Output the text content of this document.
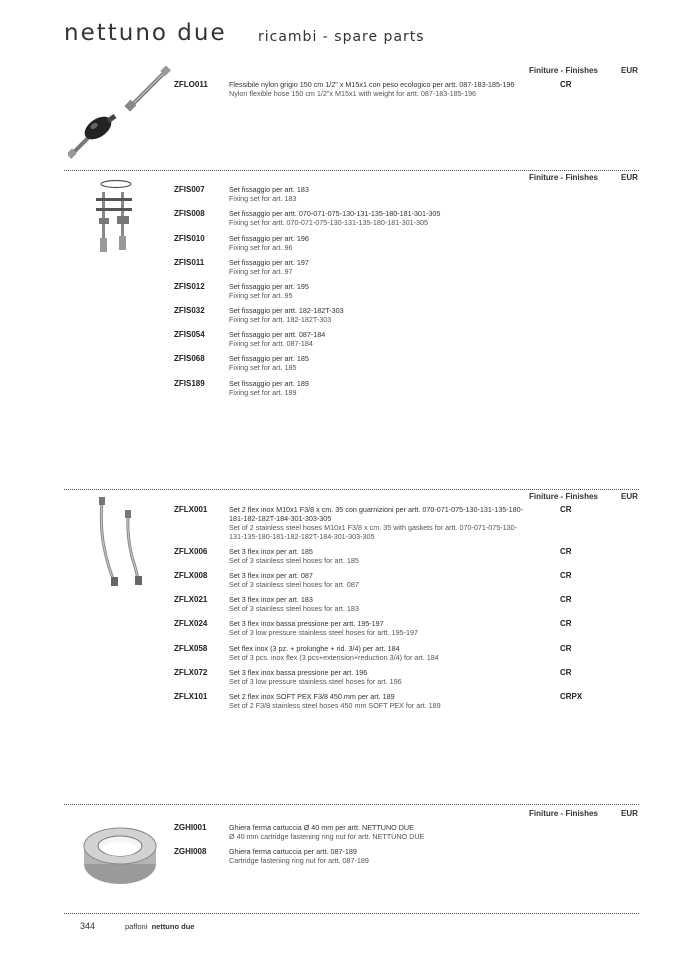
nettuno due ricambi - spare parts
Finiture - Finishes	EUR
ZFLO011	Flessibile nylon grigio 150 cm 1/2" x M15x1 con peso ecologico per artt. 087-183-185-196
Nylon flexible hose 150 cm 1/2"x M15x1 with weight for artt. 087-183-185-196
CR
Finiture - Finishes	EUR
ZFIS007	Set fissaggio per art. 183
Fixing set for art. 183
ZFIS008	Set fissaggio per artt. 070-071-075-130-131-135-180-181-301-305
Fixing set for artt. 070-071-075-130-131-135-180-181-301-305
ZFIS010	Set fissaggio per art. 196
Fixing set for art. 96
ZFIS011	Set fissaggio per art. 197
Fixing set for art. 97
ZFIS012	Set fissaggio per art. 195
Fixing set for art. 95
ZFIS032	Set fissaggio per artt. 182-182T-303
Fixing set for artt. 182-182T-303
ZFIS054	Set fissaggio per artt. 087-184
Fixing set for artt. 087-184
ZFIS068	Set fissaggio per art. 185
Fixing set for art. 185
ZFIS189	Set fissaggio per art. 189
Fixing set for art. 189
Finiture - Finishes	EUR
ZFLX001	Set 2 flex inox M10x1 F3/8 x cm. 35 con guarnizioni per artt. 070-071-075-130-131-135-180-181-182-182T-184-301-303-305
Set of 2 stainless steel hoses M10x1 F3/8 x cm. 35 with gaskets for artt. 070-071-075-130-131-135-180-181-182-182T-184-301-303-305
CR
ZFLX006	Set 3 flex inox per art. 185
Set of 3 stainless steel hoses for art. 185
CR
ZFLX008	Set 3 flex inox per art. 087
Set of 3 stainless steel hoses for art. 087
CR
ZFLX021	Set 3 flex inox per art. 183
Set of 3 stainless steel hoses for art. 183
CR
ZFLX024	Set 3 flex inox bassa pressione per artt. 195-197
Set of 3 low pressure stainless steel hoses for artt. 195-197
CR
ZFLX058	Set flex inox (3 pz. + prolunghe + rid. 3/4) per art. 184
Set of 3 pcs. inox flex (3 pcs+extension+reduction 3/4) for art. 184
CR
ZFLX072	Set 3 flex inox bassa pressione per art. 196
Set of 3 low pressure stainless steel hoses for art. 196
CR
ZFLX101	Set 2 flex inox SOFT PEX F3/8 450 mm per art. 189
Set of 2 F3/8 stainless steel hoses 450 mm SOFT PEX for art. 189
CRPX
Finiture - Finishes	EUR
ZGHI001	Ghiera ferma cartuccia Ø 40 mm per artt. NETTUNO DUE
Ø 40 mm cartridge fastening ring nut for artt. NETTUNO DUE
ZGHI008	Ghiera ferma cartuccia per artt. 087-189
Cartridge fastening ring nut for artt. 087-189
344	paffoni nettuno due
